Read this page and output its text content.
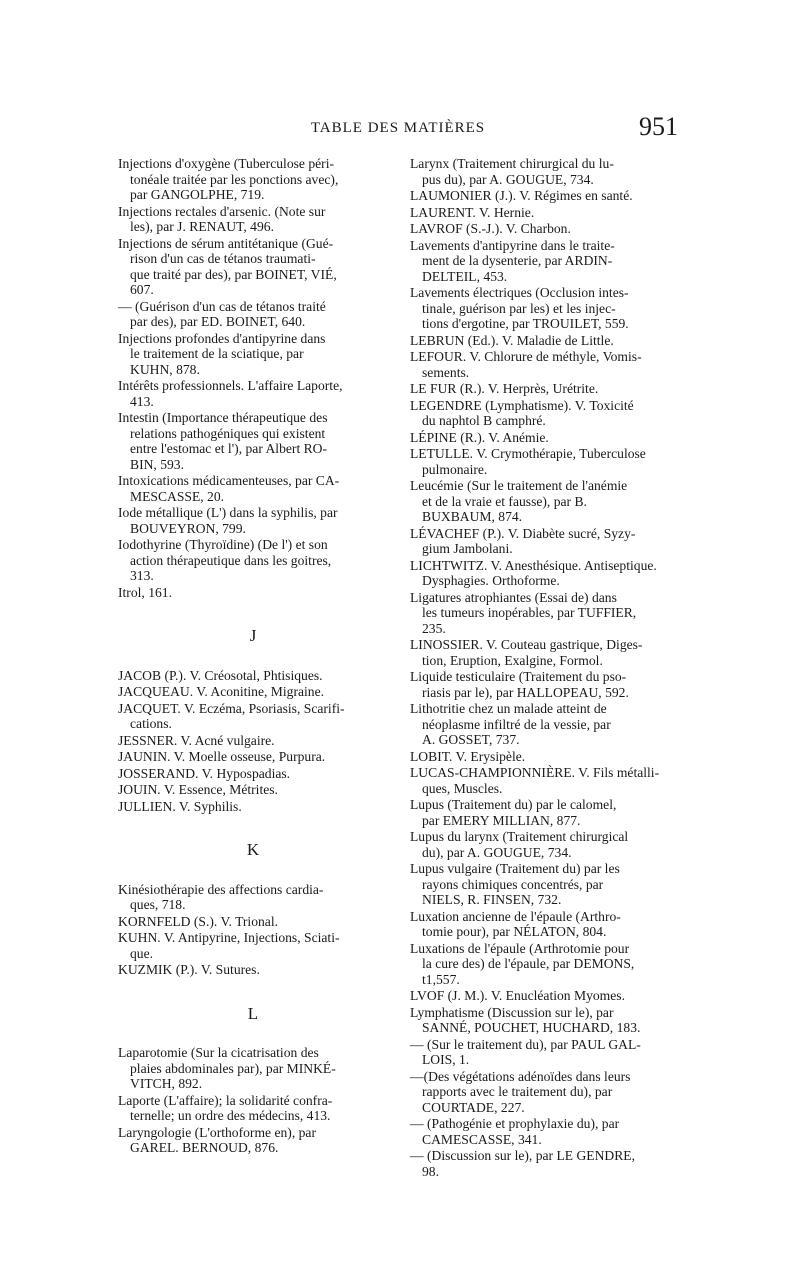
TABLE DES MATIÈRES	951
Injections d'oxygène (Tuberculose péri-
tonéale traitée par les ponctions avec),
par GANGOLPHE, 719.
Injections rectales d'arsenic. (Note sur
les), par J. RENAUT, 496.
Injections de sérum antitétanique (Gué-
rison d'un cas de tétanos traumati-
que traité par des), par BOINET, VIÉ,
607.
— (Guérison d'un cas de tétanos traité
par des), par ED. BOINET, 640.
Injections profondes d'antipyrine dans
le traitement de la sciatique, par
KUHN, 878.
Intérêts professionnels. L'affaire Laporte,
413.
Intestin (Importance thérapeutique des
relations pathogéniques qui existent
entre l'estomac et l'), par Albert RO-
BIN, 593.
Intoxications médicamenteuses, par CA-
MESCASSE, 20.
Iode métallique (L') dans la syphilis, par
BOUVEYRON, 799.
Iodothyrine (Thyroïdine) (De l') et son
action thérapeutique dans les goitres,
313.
Itrol, 161.
J
JACOB (P.). V. Créosotal, Phtisiques.
JACQUEAU. V. Aconitine, Migraine.
JACQUET. V. Eczéma, Psoriasis, Scarifi-
cations.
JESSNER. V. Acné vulgaire.
JAUNIN. V. Moelle osseuse, Purpura.
JOSSERAND. V. Hypospadias.
JOUIN. V. Essence, Métrites.
JULLIEN. V. Syphilis.
K
Kinésiothérapie des affections cardia-
ques, 718.
KORNFELD (S.). V. Trional.
KUHN. V. Antipyrine, Injections, Sciati-
que.
KUZMIK (P.). V. Sutures.
L
Laparotomie (Sur la cicatrisation des
plaies abdominales par), par MINKÉ-
VITCH, 892.
Laporte (L'affaire); la solidarité confra-
ternelle; un ordre des médecins, 413.
Laryngologie (L'orthoforme en), par
GAREL. BERNOUD, 876.
Larynx (Traitement chirurgical du lu-
pus du), par A. GOUGUE, 734.
LAUMONIER (J.). V. Régimes en santé.
LAURENT. V. Hernie.
LAVROF (S.-J.). V. Charbon.
Lavements d'antipyrine dans le traite-
ment de la dysenterie, par ARDIN-
DELTEIL, 453.
Lavements électriques (Occlusion intes-
tinale, guérison par les) et les injec-
tions d'ergotine, par TROUILET, 559.
LEBRUN (Ed.). V. Maladie de Little.
LEFOUR. V. Chlorure de méthyle, Vomis-
sements.
LE FUR (R.). V. Herprès, Urétrite.
LEGENDRE (Lymphatisme). V. Toxicité
du naphtol B camphré.
LÉPINE (R.). V. Anémie.
LETULLE. V. Crymothérapie, Tuberculose
pulmonaire.
Leucémie (Sur le traitement de l'anémie
et de la vraie et fausse), par B.
BUXBAUM, 874.
LÉVACHEF (P.). V. Diabète sucré, Syzy-
gium Jambolani.
LICHTWITZ. V. Anesthésique. Antiseptique.
Dysphagies. Orthoforme.
Ligatures atrophiantes (Essai de) dans
les tumeurs inopérables, par TUFFIER,
235.
LINOSSIER. V. Couteau gastrique, Diges-
tion, Eruption, Exalgine, Formol.
Liquide testiculaire (Traitement du pso-
riasis par le), par HALLOPEAU, 592.
Lithotritie chez un malade atteint de
néoplasme infiltré de la vessie, par
A. GOSSET, 737.
LOBIT. V. Erysipèle.
LUCAS-CHAMPIONNIÈRE. V. Fils métalli-
ques, Muscles.
Lupus (Traitement du) par le calomel,
par EMERY MILLIAN, 877.
Lupus du larynx (Traitement chirurgical
du), par A. GOUGUE, 734.
Lupus vulgaire (Traitement du) par les
rayons chimiques concentrés, par
NIELS, R. FINSEN, 732.
Luxation ancienne de l'épaule (Arthro-
tomie pour), par NÉLATON, 804.
Luxations de l'épaule (Arthrotomie pour
la cure des) de l'épaule, par DEMONS,
t1,557.
LVOF (J. M.). V. Enucléation Myomes.
Lymphatisme (Discussion sur le), par
SANNÉ, POUCHET, HUCHARD, 183.
— (Sur le traitement du), par PAUL GAL-
LOIS, 1.
—(Des végétations adénoïdes dans leurs
rapports avec le traitement du), par
COURTADE, 227.
— (Pathogénie et prophylaxie du), par
CAMESCASSE, 341.
— (Discussion sur le), par LE GENDRE,
98.
